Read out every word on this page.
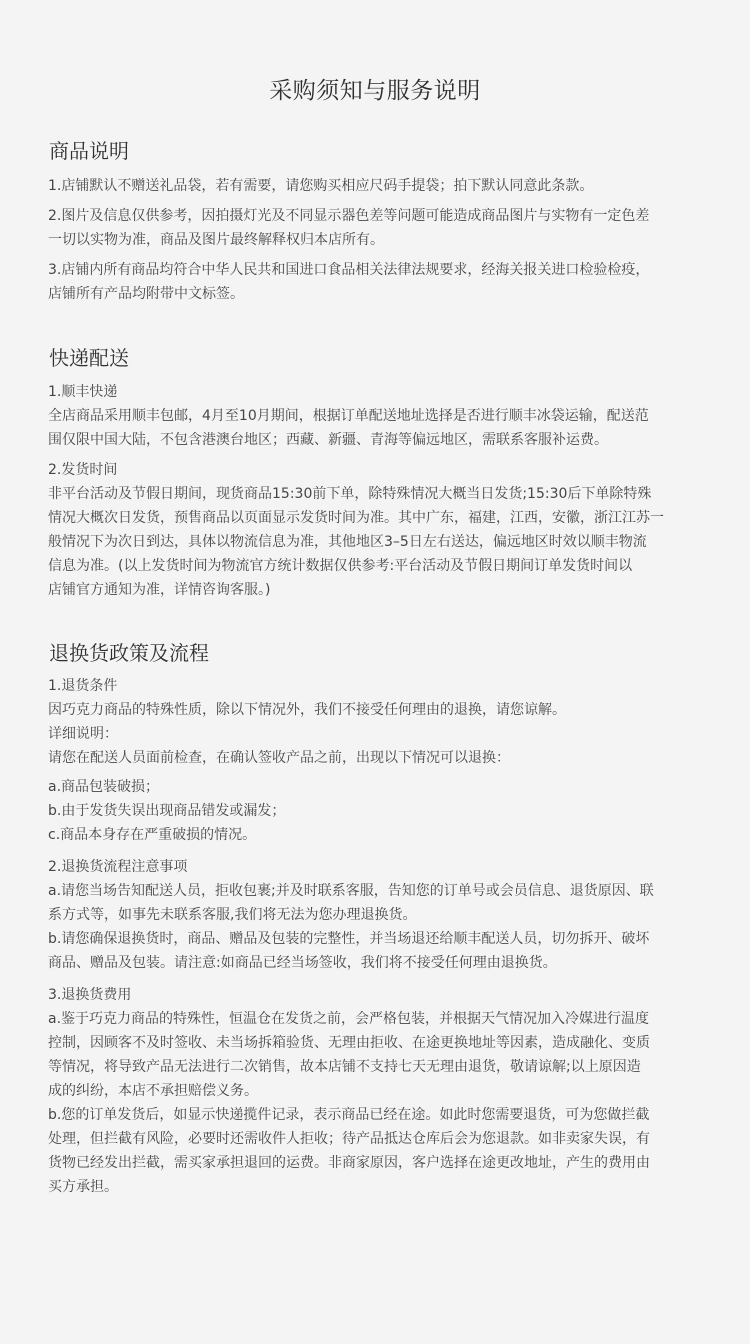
采购须知与服务说明
商品说明
1.店铺默认不赠送礼品袋，若有需要，请您购买相应尺码手提袋；拍下默认同意此条款。
2.图片及信息仅供参考，因拍摄灯光及不同显示器色差等问题可能造成商品图片与实物有一定色差
一切以实物为准，商品及图片最终解释权归本店所有。
3.店铺内所有商品均符合中华人民共和国进口食品相关法律法规要求，经海关报关进口检验检疫，
店铺所有产品均附带中文标签。
快递配送
1.顺丰快递
全店商品采用顺丰包邮，4月至10月期间，根据订单配送地址选择是否进行顺丰冰袋运输，配送范
围仅限中国大陆，不包含港澳台地区；西藏、新疆、青海等偏远地区，需联系客服补运费。
2.发货时间
非平台活动及节假日期间，现货商品15:30前下单，除特殊情况大概当日发货;15:30后下单除特殊
情况大概次日发货，预售商品以页面显示发货时间为准。其中广东，福建，江西，安徽，浙江江苏一
般情况下为次日到达，具体以物流信息为准，其他地区3–5日左右送达，偏远地区时效以顺丰物流
信息为准。(以上发货时间为物流官方统计数据仅供参考:平台活动及节假日期间订单发货时间以
店铺官方通知为准，详情咨询客服。)
退换货政策及流程
1.退货条件
因巧克力商品的特殊性质，除以下情况外，我们不接受任何理由的退换，请您谅解。
详细说明：
请您在配送人员面前检查，在确认签收产品之前，出现以下情况可以退换：
a.商品包装破损；
b.由于发货失误出现商品错发或漏发；
c.商品本身存在严重破损的情况。
2.退换货流程注意事项
a.请您当场告知配送人员，拒收包裹;并及时联系客服，告知您的订单号或会员信息、退货原因、联
系方式等，如事先未联系客服,我们将无法为您办理退换货。
b.请您确保退换货时，商品、赠品及包装的完整性，并当场退还给顺丰配送人员，切勿拆开、破坏
商品、赠品及包装。请注意:如商品已经当场签收，我们将不接受任何理由退换货。
3.退换货费用
a.鉴于巧克力商品的特殊性，恒温仓在发货之前，会严格包装，并根据天气情况加入冷媒进行温度
控制，因顾客不及时签收、未当场拆箱验货、无理由拒收、在途更换地址等因素，造成融化、变质
等情况，将导致产品无法进行二次销售，故本店铺不支持七天无理由退货，敬请谅解;以上原因造
成的纠纷，本店不承担赔偿义务。
b.您的订单发货后，如显示快递揽件记录，表示商品已经在途。如此时您需要退货，可为您做拦截
处理，但拦截有风险，必要时还需收件人拒收；待产品抵达仓库后会为您退款。如非卖家失误，有
货物已经发出拦截，需买家承担退回的运费。非商家原因，客户选择在途更改地址，产生的费用由
买方承担。
